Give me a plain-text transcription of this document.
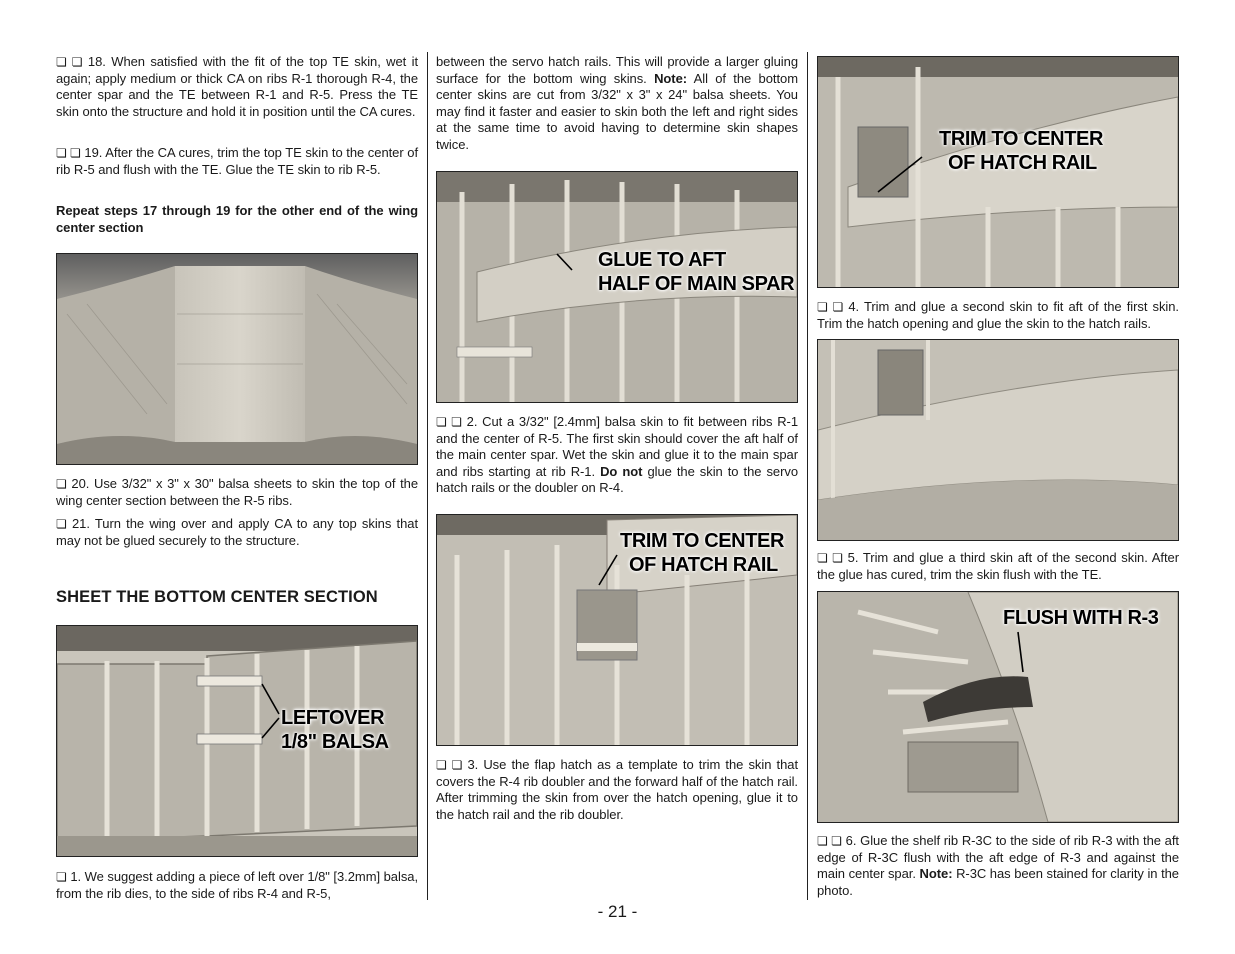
❏ ❏ 18. When satisfied with the fit of the top TE skin, wet it again; apply medium or thick CA on ribs R-1 thorough R-4, the center spar and the TE between R-1 and R-5. Press the TE skin onto the structure and hold it in position until the CA cures.

❏ ❏ 19. After the CA cures, trim the top TE skin to the center of rib R-5 and flush with the TE. Glue the TE skin to rib R-5.

Repeat steps 17 through 19 for the other end of the wing center section

❏ 20. Use 3/32" x 3" x 30" balsa sheets to skin the top of the wing center section between the R-5 ribs.

❏ 21. Turn the wing over and apply CA to any top skins that may not be glued securely to the structure.

SHEET THE BOTTOM CENTER SECTION
LEFTOVER
1/8" BALSA

❏ 1. We suggest adding a piece of left over 1/8" [3.2mm] balsa, from the rib dies, to the side of ribs R-4 and R-5,

between the servo hatch rails. This will provide a larger gluing surface for the bottom wing skins. Note: All of the bottom center skins are cut from 3/32" x 3" x 24" balsa sheets. You may find it faster and easier to skin both the left and right sides at the same time to avoid having to determine skin shapes twice.

GLUE TO AFT
HALF OF MAIN SPAR

❏ ❏ 2. Cut a 3/32" [2.4mm] balsa skin to fit between ribs R-1 and the center of R-5. The first skin should cover the aft half of the main center spar. Wet the skin and glue it to the main spar and ribs starting at rib R-1. Do not glue the skin to the servo hatch rails or the doubler on R-4.

TRIM TO CENTER
OF HATCH RAIL

❏ ❏ 3. Use the flap hatch as a template to trim the skin that covers the R-4 rib doubler and the forward half of the hatch rail. After trimming the skin from over the hatch opening, glue it to the hatch rail and the rib doubler.

TRIM TO CENTER
OF HATCH RAIL

❏ ❏ 4. Trim and glue a second skin to fit aft of the first skin. Trim the hatch opening and glue the skin to the hatch rails.

❏ ❏ 5. Trim and glue a third skin aft of the second skin. After the glue has cured, trim the skin flush with the TE.

FLUSH WITH R-3

❏ ❏ 6. Glue the shelf rib R-3C to the side of rib R-3 with the aft edge of R-3C flush with the aft edge of R-3 and against the main center spar. Note: R-3C has been stained for clarity in the photo.

- 21 -
